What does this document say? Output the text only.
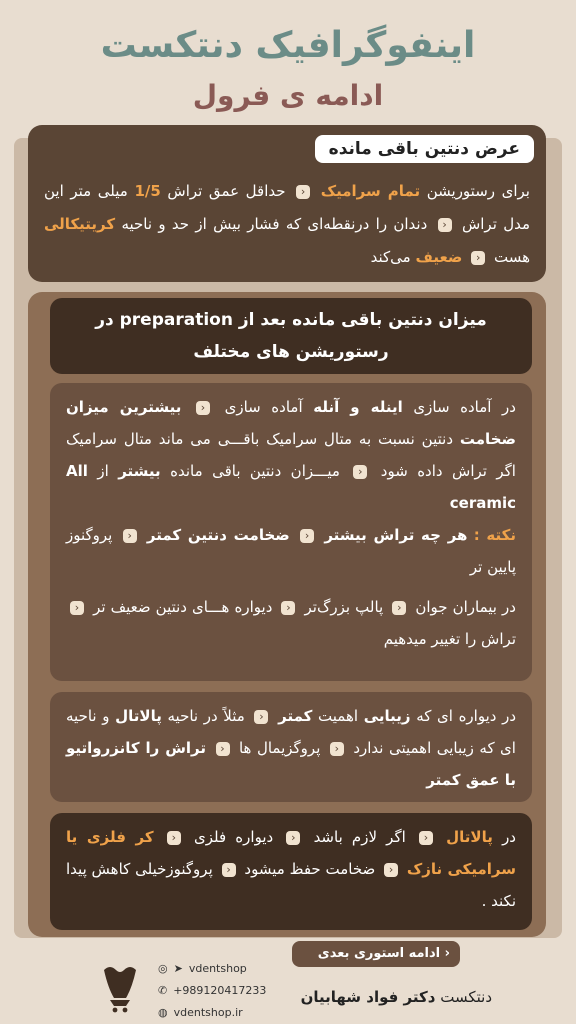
اینفوگرافیک دنتکست
ادامه ی فرول
عرض دنتین باقی مانده
برای رستوریشن تمام سرامیک ‹ حداقل عمق تراش 1/5 میلی متر این مدل تراش ‹ دندان را درنقطه‌ای که فشار بیش از حد و ناحیه کریتیکالی هست ‹ ضعیف می‌کند
میزان دنتین باقی مانده بعد از preparation در رستوریشن های مختلف
در آماده سازی اینله و آنله آماده سازی ‹ بیشترین میزان ضخامت دنتین نسبت به متال سرامیک باقـــی می ماند متال سرامیک اگر تراش داده شود ‹ میـــزان دنتین باقی مانده بیشتر از All ceramic
نکته : هر چه تراش بیشتر ‹ ضخامت دنتین کمتر ‹ پروگنوز پایین تر
در بیماران جوان ‹ پالپ بزرگ‌تر ‹ دیواره هـــای دنتین ضعیف تر ‹ تراش را تغییر میدهیم
در دیواره ای که زیبایی اهمیت کمتر ‹ مثلاً در ناحیه پالاتال و ناحیه ای که زیبایی اهمیتی ندارد ‹ پروگزیمال ها ‹ تراش را کانزرواتیو با عمق کمتر
در پالاتال ‹ اگر لازم باشد ‹ دیواره فلزی ‹ کر فلزی یا سرامیکی نازک ‹ ضخامت حفظ میشود ‹ پروگنوزخیلی کاهش پیدا نکند .
‹ ادامه استوری بعدی
دنتکست دکتر فواد شهابیان
◎ ➤ vdentshop
✆ +989120417233
◍ vdentshop.ir
